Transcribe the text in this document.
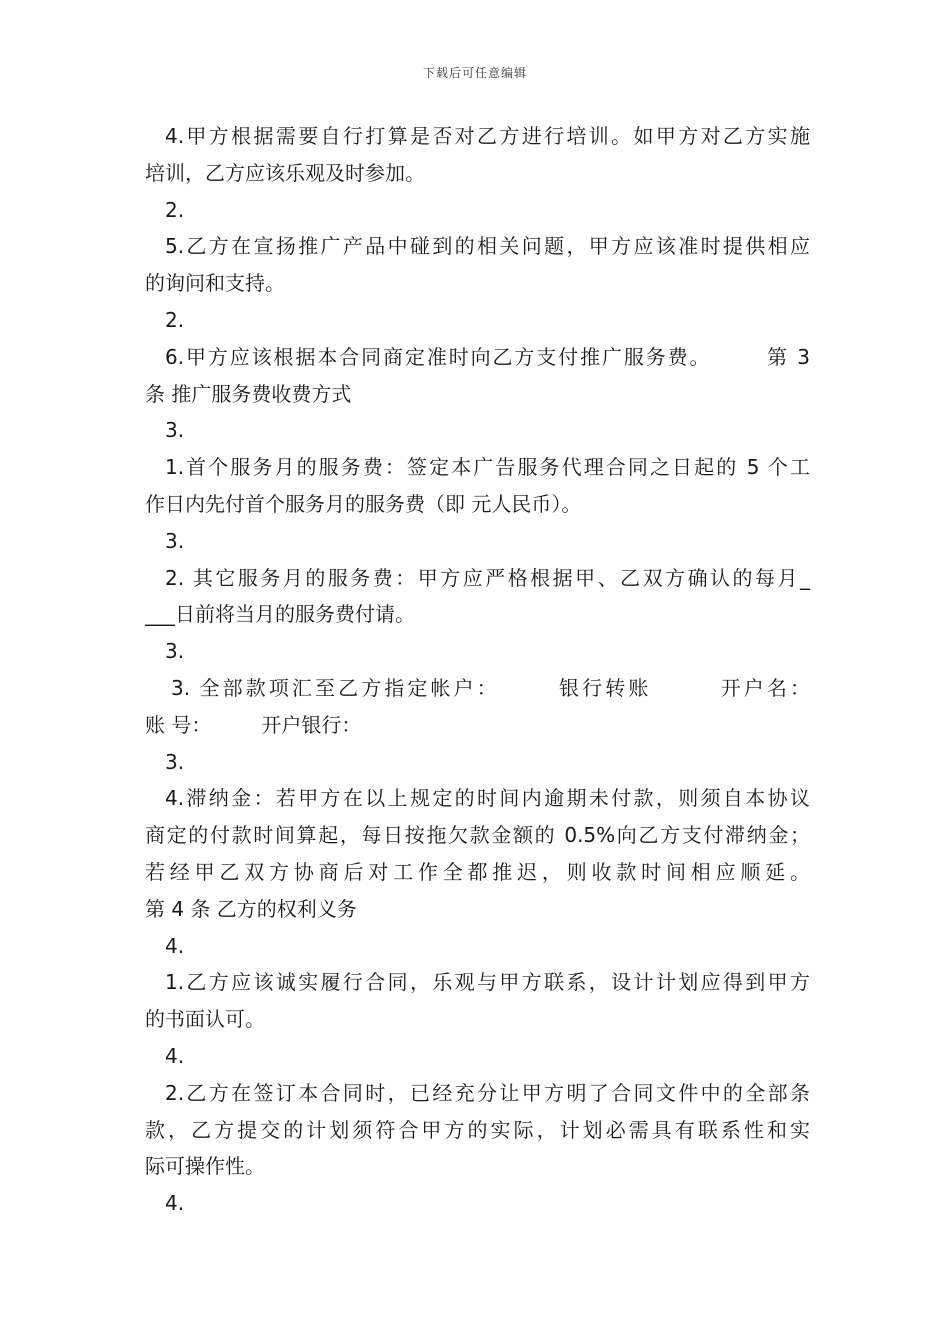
下载后可任意编辑
4.甲方根据需要自行打算是否对乙方进行培训。如甲方对乙方实施
培训，乙方应该乐观及时参加。
2.
5.乙方在宣扬推广产品中碰到的相关问题，甲方应该准时提供相应
的询问和支持。
2.
6.甲方应该根据本合同商定准时向乙方支付推广服务费。　　　第 3
条 推广服务费收费方式
3.
1.首个服务月的服务费：签定本广告服务代理合同之日起的 5 个工
作日内先付首个服务月的服务费（即 元人民币）。
3.
2. 其它服务月的服务费：甲方应严格根据甲、乙双方确认的每月_
___日前将当月的服务费付请。
3.
3. 全部款项汇至乙方指定帐户：　　　银行转账　　　开户名：
账 号：　　　开户银行：
3.
4.滞纳金：若甲方在以上规定的时间内逾期未付款，则须自本协议
商定的付款时间算起，每日按拖欠款金额的 0.5%向乙方支付滞纳金；
若经甲乙双方协商后对工作全都推迟，则收款时间相应顺延。
第 4 条 乙方的权利义务
4.
1.乙方应该诚实履行合同，乐观与甲方联系，设计计划应得到甲方
的书面认可。
4.
2.乙方在签订本合同时，已经充分让甲方明了合同文件中的全部条
款，乙方提交的计划须符合甲方的实际，计划必需具有联系性和实
际可操作性。
4.
